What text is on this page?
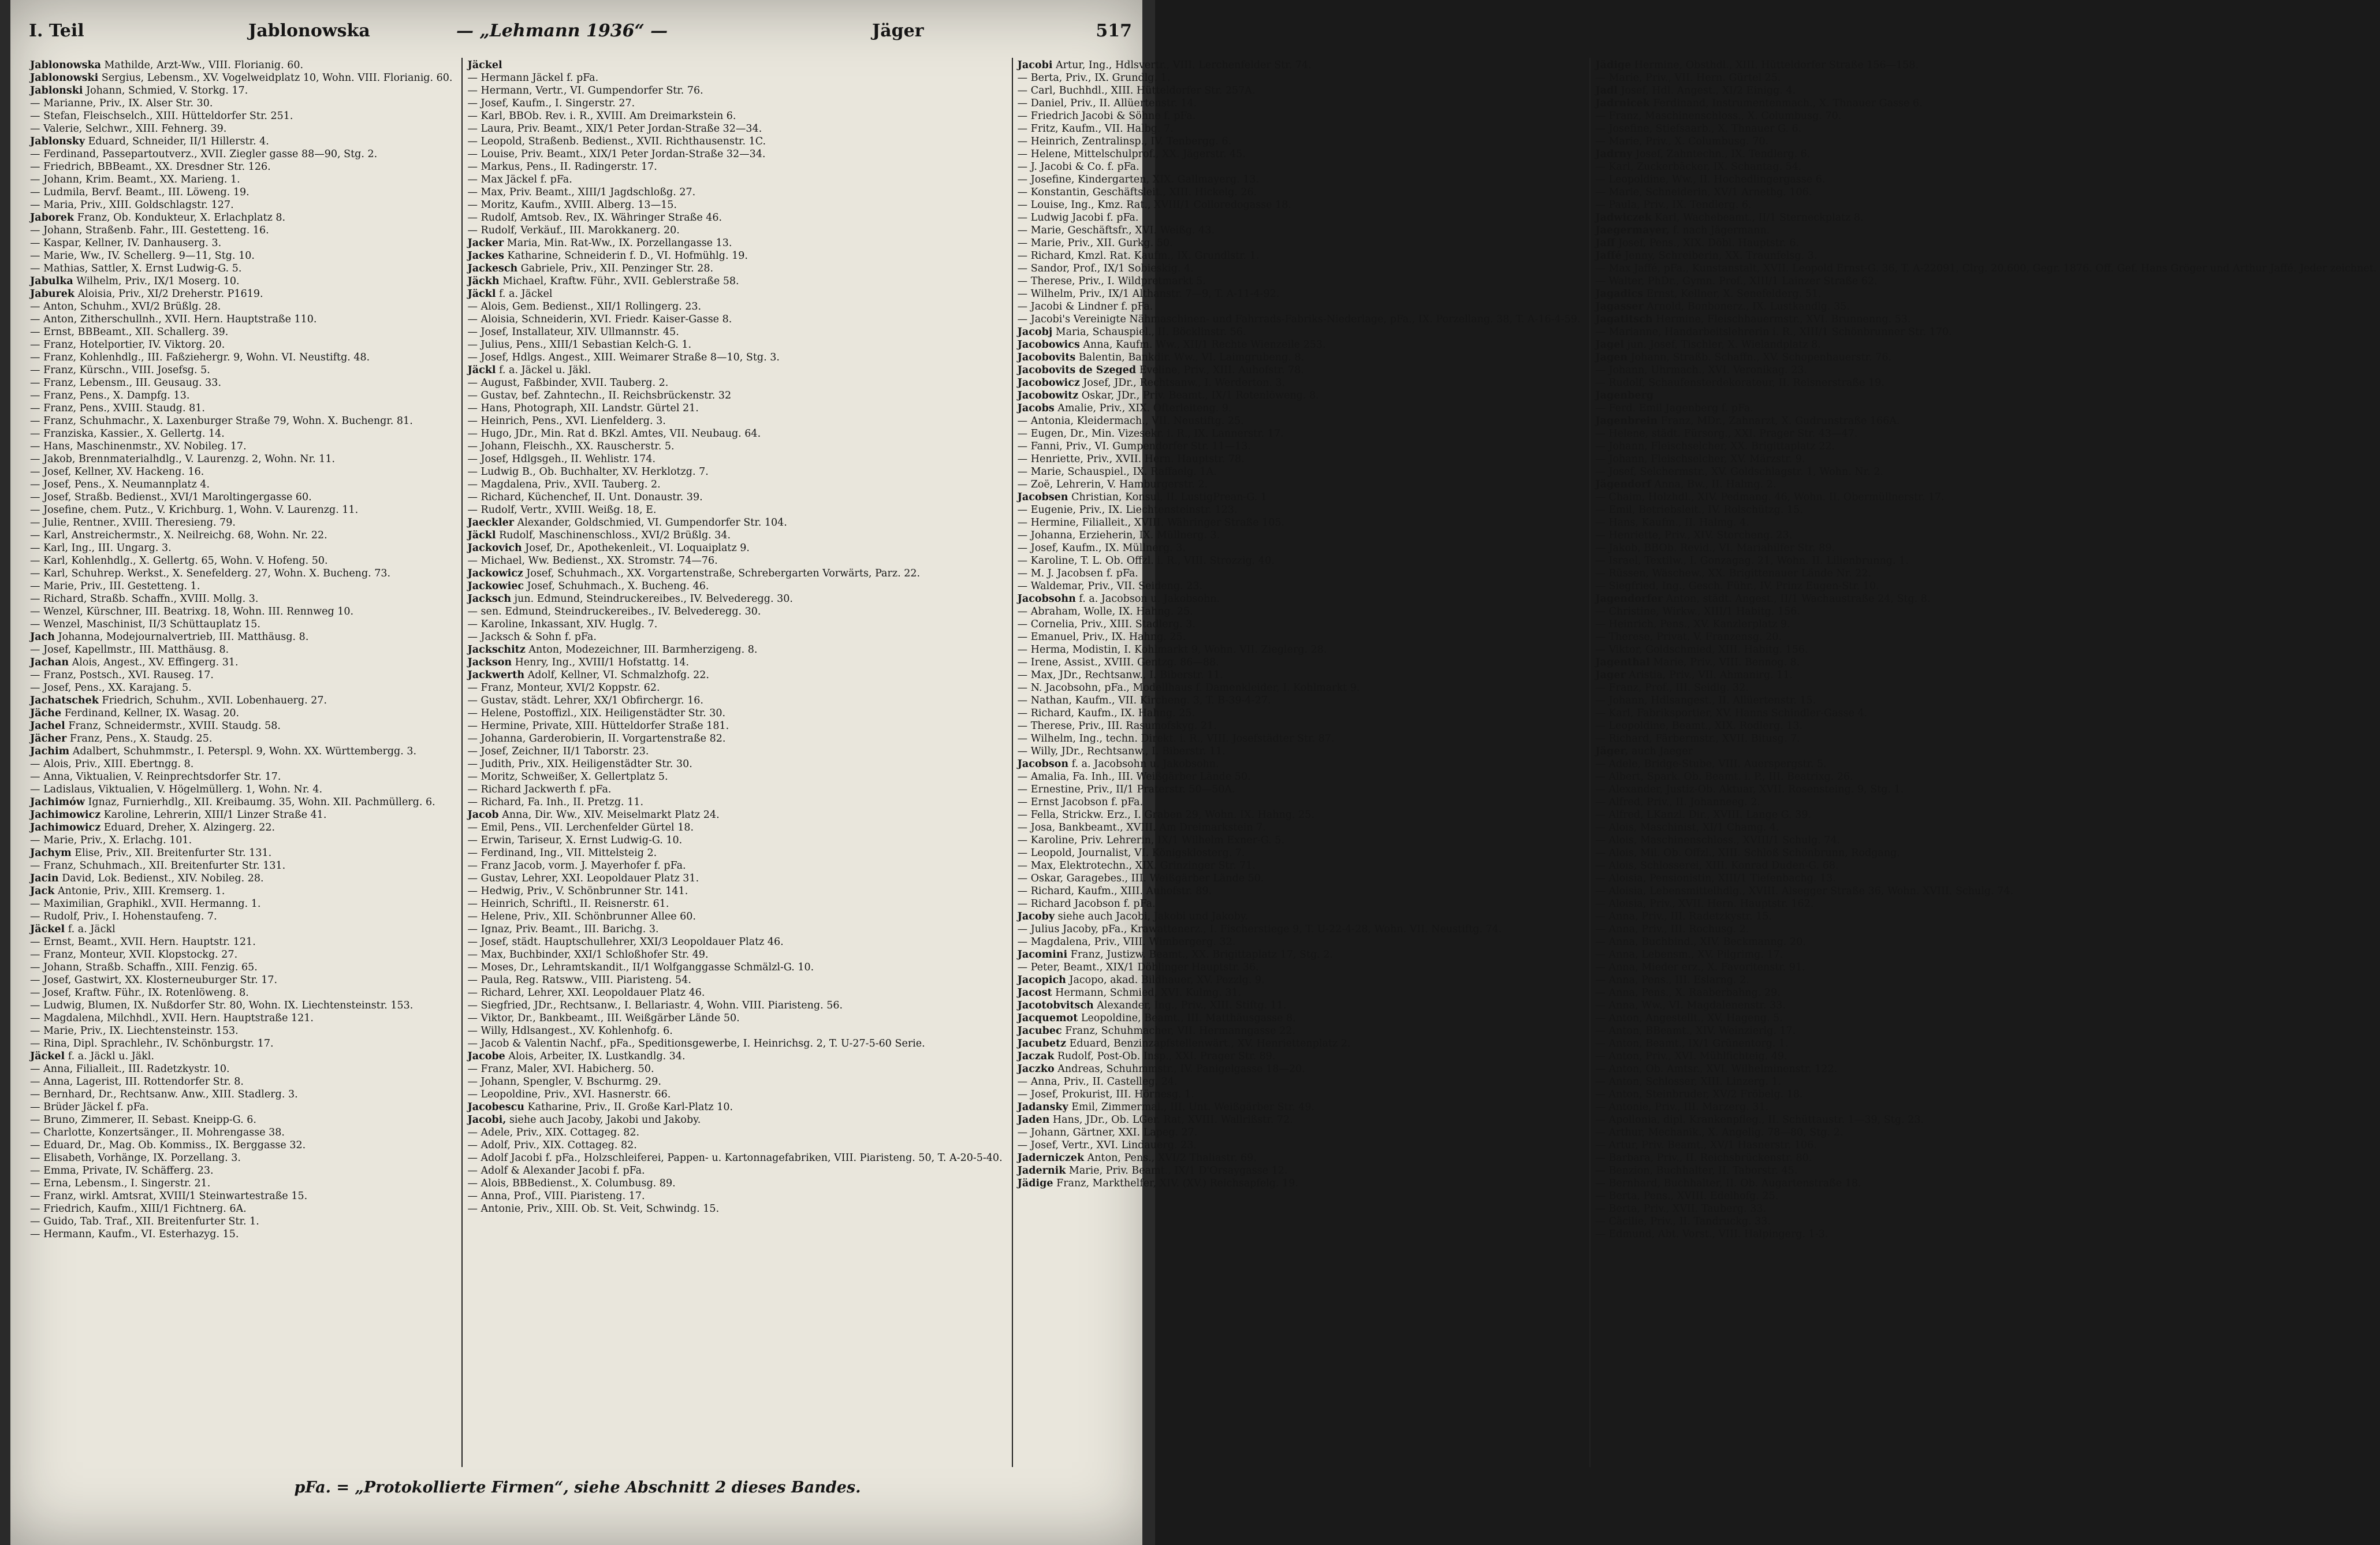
I. Teil	Jablonowska	— „Lehmann 1936“ —	Jäger	517
Jablonowska Mathilde, Arzt-Ww., VIII. Florianig. 60.
Jablonowski Sergius, Lebensm., XV. Vogelweidplatz 10, Wohn. VIII. Florianig. 60.
Jablonski Johann, Schmied, V. Storkg. 17.
— Marianne, Priv., IX. Alser Str. 30.
— Stefan, Fleischselch., XIII. Hütteldorfer Str. 251.
— Valerie, Selchwr., XIII. Fehnerg. 39.
Jablonsky Eduard, Schneider, II/1 Hillerstr. 4.
— Ferdinand, Passepartoutverz., XVII. Ziegler gasse 88—90, Stg. 2.
— Friedrich, BBBeamt., XX. Dresdner Str. 126.
— Johann, Krim. Beamt., XX. Marieng. 1.
— Ludmila, Bervf. Beamt., III. Löweng. 19.
— Maria, Priv., XIII. Goldschlagstr. 127.
Jaborek Franz, Ob. Kondukteur, X. Erlachplatz 8.
— Johann, Straßenb. Fahr., III. Gestetteng. 16.
— Kaspar, Kellner, IV. Danhauserg. 3.
— Marie, Ww., IV. Schellerg. 9—11, Stg. 10.
— Mathias, Sattler, X. Ernst Ludwig-G. 5.
Jabulka Wilhelm, Priv., IX/1 Moserg. 10.
Jaburek Aloisia, Priv., XI/2 Dreherstr. P1619.
— Anton, Schuhm., XVI/2 Brüßlg. 28.
— Anton, Zitherschullnh., XVII. Hern. Hauptstraße 110.
— Ernst, BBBeamt., XII. Schallerg. 39.
— Franz, Hotelportier, IV. Viktorg. 20.
— Franz, Kohlenhdlg., III. Faßziehergr. 9, Wohn. VI. Neustiftg. 48.
— Franz, Kürschn., VIII. Josefsg. 5.
— Franz, Lebensm., III. Geusaug. 33.
— Franz, Pens., X. Dampfg. 13.
— Franz, Pens., XVIII. Staudg. 81.
— Franz, Schuhmachr., X. Laxenburger Straße 79, Wohn. X. Buchengr. 81.
— Franziska, Kassier., X. Gellertg. 14.
— Hans, Maschinenmstr., XV. Nobileg. 17.
— Jakob, Brennmaterialhdlg., V. Laurenzg. 2, Wohn. Nr. 11.
— Josef, Kellner, XV. Hackeng. 16.
— Josef, Pens., X. Neumannplatz 4.
— Josef, Straßb. Bedienst., XVI/1 Maroltingergasse 60.
— Josefine, chem. Putz., V. Krichburg. 1, Wohn. V. Laurenzg. 11.
— Julie, Rentner., XVIII. Theresieng. 79.
— Karl, Anstreichermstr., X. Neilreichg. 68, Wohn. Nr. 22.
— Karl, Ing., III. Ungarg. 3.
— Karl, Kohlenhdlg., X. Gellertg. 65, Wohn. V. Hofeng. 50.
— Karl, Schuhrep. Werkst., X. Senefelderg. 27, Wohn. X. Bucheng. 73.
— Marie, Priv., III. Gestetteng. 1.
— Richard, Straßb. Schaffn., XVIII. Mollg. 3.
— Wenzel, Kürschner, III. Beatrixg. 18, Wohn. III. Rennweg 10.
— Wenzel, Maschinist, II/3 Schüttauplatz 15.
Jach Johanna, Modejournalvertrieb, III. Matthäusg. 8.
— Josef, Kapellmstr., III. Matthäusg. 8.
Jachan Alois, Angest., XV. Effingerg. 31.
— Franz, Postsch., XVI. Rauseg. 17.
— Josef, Pens., XX. Karajang. 5.
Jachatschek Friedrich, Schuhm., XVII. Lobenhauerg. 27.
Jäche Ferdinand, Kellner, IX. Wasag. 20.
Jachel Franz, Schneidermstr., XVIII. Staudg. 58.
Jächer Franz, Pens., X. Staudg. 25.
Jachim Adalbert, Schuhmmstr., I. Peterspl. 9, Wohn. XX. Württembergg. 3.
— Alois, Priv., XIII. Ebertngg. 8.
— Anna, Viktualien, V. Reinprechtsdorfer Str. 17.
— Ladislaus, Viktualien, V. Högelmüllerg. 1, Wohn. Nr. 4.
Jachimów Ignaz, Furnierhdlg., XII. Kreibaumg. 35, Wohn. XII. Pachmüllerg. 6.
Jachimowicz Karoline, Lehrerin, XIII/1 Linzer Straße 41.
Jachimowicz Eduard, Dreher, X. Alzingerg. 22.
— Marie, Priv., X. Erlachg. 101.
Jachym Elise, Priv., XII. Breitenfurter Str. 131.
— Franz, Schuhmach., XII. Breitenfurter Str. 131.
Jacin David, Lok. Bedienst., XIV. Nobileg. 28.
Jack Antonie, Priv., XIII. Kremserg. 1.
— Maximilian, Graphikl., XVII. Hermanng. 1.
— Rudolf, Priv., I. Hohenstaufeng. 7.
Jäckel f. a. Jäckl
— Ernst, Beamt., XVII. Hern. Hauptstr. 121.
— Franz, Monteur, XVII. Klopstockg. 27.
— Johann, Straßb. Schaffn., XIII. Fenzig. 65.
— Josef, Gastwirt, XX. Klosterneuburger Str. 17.
— Josef, Kraftw. Führ., IX. Rotenlöweng. 8.
— Ludwig, Blumen, IX. Nußdorfer Str. 80, Wohn. IX. Liechtensteinstr. 153.
— Magdalena, Milchhdl., XVII. Hern. Hauptstraße 121.
— Marie, Priv., IX. Liechtensteinstr. 153.
— Rina, Dipl. Sprachlehr., IV. Schönburgstr. 17.
Jäckel f. a. Jäckl u. Jäkl.
— Anna, Filialleit., III. Radetzkystr. 10.
— Anna, Lagerist, III. Rottendorfer Str. 8.
— Bernhard, Dr., Rechtsanw. Anw., XIII. Stadlerg. 3.
— Brüder Jäckel f. pFa.
— Bruno, Zimmerer, II. Sebast. Kneipp-G. 6.
— Charlotte, Konzertsänger., II. Mohrengasse 38.
— Eduard, Dr., Mag. Ob. Kommiss., IX. Berggasse 32.
— Elisabeth, Vorhänge, IX. Porzellang. 3.
— Emma, Private, IV. Schäfferg. 23.
— Erna, Lebensm., I. Singerstr. 21.
— Franz, wirkl. Amtsrat, XVIII/1 Steinwartestraße 15.
— Friedrich, Kaufm., XIII/1 Fichtnerg. 6A.
— Guido, Tab. Traf., XII. Breitenfurter Str. 1.
— Hermann, Kaufm., VI. Esterhazyg. 15.
Jäckel
— Hermann Jäckel f. pFa.
— Hermann, Vertr., VI. Gumpendorfer Str. 76.
— Josef, Kaufm., I. Singerstr. 27.
— Karl, BBOb. Rev. i. R., XVIII. Am Dreimarkstein 6.
— Laura, Priv. Beamt., XIX/1 Peter Jordan-Straße 32—34.
— Leopold, Straßenb. Bedienst., XVII. Richthausenstr. 1C.
— Louise, Priv. Beamt., XIX/1 Peter Jordan-Straße 32—34.
— Markus, Pens., II. Radingerstr. 17.
— Max Jäckel f. pFa.
— Max, Priv. Beamt., XIII/1 Jagdschloßg. 27.
— Moritz, Kaufm., XVIII. Alberg. 13—15.
— Rudolf, Amtsob. Rev., IX. Währinger Straße 46.
— Rudolf, Verkäuf., III. Marokkanerg. 20.
Jacker Maria, Min. Rat-Ww., IX. Porzellangasse 13.
Jackes Katharine, Schneiderin f. D., VI. Hofmühlg. 19.
Jackesch Gabriele, Priv., XII. Penzinger Str. 28.
Jäckh Michael, Kraftw. Führ., XVII. Geblerstraße 58.
Jäckl f. a. Jäckel
— Alois, Gem. Bedienst., XII/1 Rollingerg. 23.
— Aloisia, Schneiderin, XVI. Friedr. Kaiser-Gasse 8.
— Josef, Installateur, XIV. Ullmannstr. 45.
— Julius, Pens., XIII/1 Sebastian Kelch-G. 1.
— Josef, Hdlgs. Angest., XIII. Weimarer Straße 8—10, Stg. 3.
Jäckl f. a. Jäckel u. Jäkl.
— August, Faßbinder, XVII. Tauberg. 2.
— Gustav, bef. Zahntechn., II. Reichsbrückenstr. 32
— Hans, Photograph, XII. Landstr. Gürtel 21.
— Heinrich, Pens., XVI. Lienfelderg. 3.
— Hugo, JDr., Min. Rat d. BKzl. Amtes, VII. Neubaug. 64.
— Johann, Fleischh., XX. Rauscherstr. 5.
— Josef, Hdlgsgeh., II. Wehlistr. 174.
— Ludwig B., Ob. Buchhalter, XV. Herklotzg. 7.
— Magdalena, Priv., XVII. Tauberg. 2.
— Richard, Küchenchef, II. Unt. Donaustr. 39.
— Rudolf, Vertr., XVIII. Weißg. 18, E.
Jaeckler Alexander, Goldschmied, VI. Gumpendorfer Str. 104.
Jäckl Rudolf, Maschinenschloss., XVI/2 Brüßlg. 34.
Jackovich Josef, Dr., Apothekenleit., VI. Loquaiplatz 9.
— Michael, Ww. Bedienst., XX. Stromstr. 74—76.
Jackowicz Josef, Schuhmach., XX. Vorgartenstraße, Schrebergarten Vorwärts, Parz. 22.
Jackowiec Josef, Schuhmach., X. Bucheng. 46.
Jacksch jun. Edmund, Steindruckereibes., IV. Belvederegg. 30.
— sen. Edmund, Steindruckereibes., IV. Belvederegg. 30.
— Karoline, Inkassant, XIV. Huglg. 7.
— Jacksch & Sohn f. pFa.
Jackschitz Anton, Modezeichner, III. Barmherzigeng. 8.
Jackson Henry, Ing., XVIII/1 Hofstattg. 14.
Jackwerth Adolf, Kellner, VI. Schmalzhofg. 22.
— Franz, Monteur, XVI/2 Koppstr. 62.
— Gustav, städt. Lehrer, XX/1 Obfirchergr. 16.
— Helene, Postoffizl., XIX. Heiligenstädter Str. 30.
— Hermine, Private, XIII. Hütteldorfer Straße 181.
— Johanna, Garderobierin, II. Vorgartenstraße 82.
— Josef, Zeichner, II/1 Taborstr. 23.
— Judith, Priv., XIX. Heiligenstädter Str. 30.
— Moritz, Schweißer, X. Gellertplatz 5.
— Richard Jackwerth f. pFa.
— Richard, Fa. Inh., II. Pretzg. 11.
Jacob Anna, Dir. Ww., XIV. Meiselmarkt Platz 24.
— Emil, Pens., VII. Lerchenfelder Gürtel 18.
— Erwin, Tariseur, X. Ernst Ludwig-G. 10.
— Ferdinand, Ing., VII. Mittelsteig 2.
— Franz Jacob, vorm. J. Mayerhofer f. pFa.
— Gustav, Lehrer, XXI. Leopoldauer Platz 31.
— Hedwig, Priv., V. Schönbrunner Str. 141.
— Heinrich, Schriftl., II. Reisnerstr. 61.
— Helene, Priv., XII. Schönbrunner Allee 60.
— Ignaz, Priv. Beamt., III. Barichg. 3.
— Josef, städt. Hauptschullehrer, XXI/3 Leopoldauer Platz 46.
— Max, Buchbinder, XXI/1 Schloßhofer Str. 49.
— Moses, Dr., Lehramtskandit., II/1 Wolfganggasse Schmälzl-G. 10.
— Paula, Reg. Ratsww., VIII. Piaristeng. 54.
— Richard, Lehrer, XXI. Leopoldauer Platz 46.
— Siegfried, JDr., Rechtsanw., I. Bellariastr. 4, Wohn. VIII. Piaristeng. 56.
— Viktor, Dr., Bankbeamt., III. Weißgärber Lände 50.
— Willy, Hdlsangest., XV. Kohlenhofg. 6.
— Jacob & Valentin Nachf., pFa., Speditionsgewerbe, I. Heinrichsg. 2, T. U-27-5-60 Serie.
Jacobe Alois, Arbeiter, IX. Lustkandlg. 34.
— Franz, Maler, XVI. Habicherg. 50.
— Johann, Spengler, V. Bschurmg. 29.
— Leopoldine, Priv., XVI. Hasnerstr. 66.
Jacobescu Katharine, Priv., II. Große Karl-Platz 10.
Jacobi, siehe auch Jacoby, Jakobi und Jakoby.
— Adele, Priv., XIX. Cottageg. 82.
— Adolf, Priv., XIX. Cottageg. 82.
— Adolf Jacobi f. pFa., Holzschleiferei, Pappen- u. Kartonnagefabriken, VIII. Piaristeng. 50, T. A-20-5-40.
— Adolf & Alexander Jacobi f. pFa.
— Alois, BBBedienst., X. Columbusg. 89.
— Anna, Prof., VIII. Piaristeng. 17.
— Antonie, Priv., XIII. Ob. St. Veit, Schwindg. 15.
Jacobi Artur, Ing., Hdlsvertr., VIII. Lerchenfelder Str. 74.
— Berta, Priv., IX. Grundlg. 1.
— Carl, Buchhdl., XIII. Hütteldorfer Str. 257A.
— Daniel, Priv., II. Allüertenstr. 14.
— Friedrich Jacobi & Söhne f. pFa.
— Fritz, Kaufm., VII. Halbg. 7.
— Heinrich, Zentralinsp., IV. Tenbergg. 6.
— Helene, Mittelschulprof., XX. Jägerstr. 45.
— J. Jacobi & Co. f. pFa.
— Josefine, Kindergarten, XIX. Gallmayerg. 13.
— Konstantin, Geschäftsleit., XIII. Hickelg. 26.
— Louise, Ing., Kmz. Rat., XVIII/1 Colloredogasse 18.
— Ludwig Jacobi f. pFa.
— Marie, Geschäftsfr., XVI. Weißg. 43.
— Marie, Priv., XII. Gurkg. 50.
— Richard, Kmzl. Rat. Kaufm., IX. Grundlstr. 1.
— Sandor, Prof., IX/1 Sobieskig. 4.
— Therese, Priv., I. Wildpretmarkt 5.
— Wilhelm, Priv., IX/1 Althanstr. 7—9, T. A-11-4-92.
— Jacobi & Lindner f. pFa.
— Jacobi's Vereinigte Nähmaschinen- und Fahrrads-Fabriks-Niederlage, pFa., IX. Porzellang. 38, T. A-16-4-59.
Jacobj Maria, Schauspiel., II. Böcklinstr. 56.
Jacobowics Anna, Kaufm. Ww., XII/1 Rechte Wienzeile 253.
Jacobovits Balentin, Bankdir. Ww., VI. Laimgrubeng. 8.
Jacobovits de Szeged Eveline, Priv., XIII. Auhofstr. 78.
Jacobowicz Josef, JDr., Rechtsanw., I. Werderton. 3.
Jacobowitz Oskar, JDr., Priv. Beamt., IX/1 Rotenlöweng. 8.
Jacobs Amalie, Priv., XIX. Ofterleiteng. 9.
— Antonia, Kleidermach., VII. Neustiftg. 25.
— Eugen, Dr., Min. Vizesekr. i. R., IX. Lannerstr. 17.
— Fanni, Priv., VI. Gumpendorfer Str. 11—13.
— Henriette, Priv., XVII. Hern. Hauptstr. 78.
— Marie, Schauspiel., IX. Raffaelg. 1A.
— Zoë, Lehrerin, V. Hamburgerstr. 2.
Jacobsen Christian, Konsul, II. LustigPrean-G. 1
— Eugenie, Priv., IX. Liechtensteinstr. 123.
— Hermine, Filialleit., XVIII. Währinger Straße 105.
— Johanna, Erzieherin, IX. Müllnerg. 3.
— Josef, Kaufm., IX. Müllnerg. 3.
— Karoline, T. L. Ob. Offzl. i. R., VIII. Strozzig. 40.
— M. J. Jacobsen f. pFa.
— Waldemar, Priv., VII. Seideng. 23.
Jacobsohn f. a. Jacobson u. Jakobsohn.
— Abraham, Wolle, IX. Hahng. 25.
— Cornelia, Priv., XIII. Stadlerg. 3.
— Emanuel, Priv., IX. Hahng. 25.
— Herma, Modistin, I. Kohlmarkt 9, Wohn. VII. Zieglerg. 28.
— Irene, Assist., XVIII. Gentzg. 86—88.
— Max, JDr., Rechtsanw., I. Biberstr. 11.
— N. Jacobsohn, pFa., Modellhaus f. Damenkleider, I. Kohlmarkt 9.
— Nathan, Kaufm., VII. Kircheng. 3, T. B-39-4-27.
— Richard, Kaufm., IX. Hahng. 25.
— Therese, Priv., III. Rasumofskyg. 21.
— Wilhelm, Ing., techn. Direkt. i. R., VIII. Josefstädter Str. 87.
— Willy, JDr., Rechtsanw., I. Biberstr. 11.
Jacobson f. a. Jacobsohn u. Jakobsohn.
— Amalia, Fa. Inh., III. Weißgärber Lände 50.
— Ernestine, Priv., II/1 Praterstr. 50—50A.
— Ernst Jacobson f. pFa.
— Fella, Strickw. Erz., I. Graben 29, Wohn. IX. Hahng. 25.
— Josa, Bankbeamt., XVIII. Am Dreimarkstein 7.
— Karoline, Priv. Lehrerin, IX/1 Wilhelm Exner-G. 5.
— Leopold, Journalist, VI. Königsklosterg. 7.
— Max, Elektrotechn., XIX. Grinzinger Str. 71.
— Oskar, Garagebes., III. Weißgärber Lände 50.
— Richard, Kaufm., XIII. Auhofstr. 89.
— Richard Jacobson f. pFa.
Jacoby siehe auch Jacobi, Jakobi und Jakoby.
— Julius Jacoby, pFa., Krawattenerz., I. Fischerstiege 9, T. U-22-4-28, Wohn. VII. Neustiftg. 74.
— Magdalena, Priv., VIII. Wimbergerg. 32.
Jacomini Franz, Justizw. Beamt., XX. Brigittaplatz 17, Stg. 2.
— Peter, Beamt., XIX/1 Döblinger Hauptstr. 36.
Jacopich Jacopo, akad. Bildhauer, XV. Pezzlg. 9.
Jacost Hermann, Schmied, XVI. Kulmg. 31.
Jacotobvitsch Alexander, Ing., Priv., XIII. Stiftg. 11.
Jacquemot Leopoldine, Beamt., III. Matthäusgasse 8.
Jacubec Franz, Schuhmacher, VII. Hermanngasse 22.
Jacubetz Eduard, Benzinzapfstellenwärt., XV. Henriettenplatz 2.
Jaczak Rudolf, Post-Ob. Insp., XXI. Prager Str. 89.
Jaczko Andreas, Schuhmmstr., IV. Panigelgasse 18—20.
— Anna, Priv., II. Castelleg. 24.
— Josef, Prokurist, III. Hörnesg. 1.
Jadansky Emil, Zimmermal., III. Unt. Weißgärber Str. 49.
Jaden Hans, JDr., Ob. LGer. Rat, XVIII. Wallrißstr. 72.
— Johann, Gärtner, XXI. Lapeg. 27.
— Josef, Vertr., XVI. Lindauerg. 23.
Jaderniczek Anton, Pens., XVI/2 Thaliastr. 69.
Jadernik Marie, Priv. Beamt., IX/1 D'Orsaygasse 12.
Jädige Franz, Markthelfer, XIV. (XV.) Reichsapfelg. 19.
Jädige Hermine, Obsthdl., XIII. Hütteldorfer Straße 156—158.
— Marie, Priv., VII. Hern. Gürtel 25.
Jadl Josef, Hdl. Angest., XI/2 Einigg. 4.
Jadrnicek Ferdinand, Instrumentenmach., X. Thnauer Gasse 6.
— Franz, Maschinenschloss., X. Columbusg. 70.
— Josefine, Stiefsaarb., X. Thnauer G. 6.
— Marie, Priv., X. Columbusg. 70.
Jadrny Josef, Zahntechn., IX. Tendlerg. 6.
— Karl, Zuckerbäcker, IX. Schantag. 54.
— Leopoldine, Ww., II. Hochedlingergasse 6.
— Marie, Schneiderin, XV/1 Arnethg. 106.
— Paula, Priv., IX. Tendlerg. 6.
Jadwiczek Karl, Wachebeamt., II/1 Sterneckplatz 8.
Jaegermayer, f. nach Jägermann.
Jaff Josef, Pens., XIX. Döbl. Hauptstr. 6.
Jaffé Jenny, Schreiberin, XX. Traunfelsg. 3.
— Max Jaffé, pFa., Kunstanstalt, XVII. Leopold Ernst-G. 36, T. A-22091, Clrg. 20.600, Gegr. 1876. Off. Gef. Hans Gröger und Arthur Jaffé. Jeder zeichnet.
— Walter, PhDr., Gymn. Prof., XIII/1 Lainzer Straße 62.
Jagadics Ernst, Kellner, X. Senefelderg. 51.
Jagasser Arnold, Bonbonerz., IX. Lustkandlg. 35.
Jagatitsch Hermine, Fleischhauermstr., XVI. Brunnenng. 53.
— Marianne, Handarbeitslehrerin i. R., XIII/1 Schönbrunner Str. 170.
Jagel jun. Josef, Tischler, X. Wielandplatz 8.
Jagen Johann, Straßb. Schaffn., XV. Schopenhauerstr. 76.
— Johann, Uhrmach., XVI. Veronikag. 23.
— Rudolf, Schaufensterdekorateur, II. Reisnerstraße 19.
Jagenberg
— Ferd. Emil Jagenberg f. pFa.
Jagenbrein Franz, MDr., Zahnarzt, X. Gudrunstraße 166A.
— Helene, städt. Fürsorg., XXI. Prager Str. 43—47.
— Johann, Fleischselcher, XX. Brigittaplatz 22.
— Johann, Fleischselcher, XV. Märzstr. 9.
— Josef, Selchermstr., XV. Goldschlagstr. 1, Wohn. Nr. 2.
Jägendorf Anna, Bw., II. Halmg. 2.
— Chaim, Holzhdl., XIV. Pedmang. 46, Wohn. II. Obermüllnerstr. 17.
— Emil, Betriebsleit., IV. Rolschützg. 15.
— Hans, Kaufm., II. Halmg. 4.
— Henriette, Priv., XIV. Storcheng. 23.
— Jakob, BBOb. Revid., VI. Mariahilfer Str. 89.
— Israel, Textilw., I. Gonzagag. 21, Wohn. II. Lilienbrunng. 1.
— Rüssen, Wäschew., XX. Brigittenauer Lände Nr. 22.
— Siegfried, Ing., Gesch. Führ., IV. Prinz Eugen-Str. 10.
Jagendorfer Anton, städt. Angest., II/1 Wachaustraße 24, Stg. 8.
— Christine, Wirkw., XIII/1 Habitg. 156.
— Heinrich, Pens., XV. Kanzlerplatz 9.
— Therese, Privat, V. Franzensg. 20.
— Viktor, Goldschmied, XIII. Habitg. 156.
Jagenthal Marie, Priv., VIII. Bennog. 8.
Jager Aristia, Priv., VII. Ahmanirg. 11.
— Franz, Prof., III. Seidlg. 32.
— Johann, Hdlsangest., II. Allüertenstr. 15.
— Karl, Fabriksportier, XV. Hanns Schindler-Gasse 4.
— Leopoldine, Beamt., XIX. Rodlerg. 13.
— Richard, Färbermstr., XVII. Bitusg. 7.
Jäger, auch Jaeger
— Adele, Bridge-Stube, VIII. Auerspergstr. 5.
— Albert, Spark. Ob. Beamt. i. P., III. Beatrixg. 26.
— Alexander, Justiz-Ob. Aktuar, XVII. Rosensteing. 9, Stg. 1.
— Alfred, Priv., II. Johanneeg. 2.
— Alfred, LKanzl. Dir., XVIII. Lange G. 39.
— Alois, Maschinist, XI/1 Chamg. 4.
— Alois, Maschinenschloss., XVIII/1 Schulg. 74.
— Alois, Mil. Ob. Offzl., XIII. Schloß Schönbrunn, Rodgang.
— Alois, Schlosserei, XIII. Konrad Duden-G. 68.
— Aloisia, Pensionistin, XIII/1 Tiefenbachg. 13.
— Aloisia, Lebensmittelhdlg., XVIII. Alsegger Straße 36, Wohn. XVIII. Schulg. 74.
— Aloisia, Priv., XVII. Hern. Hauptstr. 162.
— Anna, Priv., III. Radetzkystr. 15.
— Anna, Priv., III. Rochusg. 2.
— Anna, Buchbind., XIV. Beckmanng. 20.
— Anna, Lebensm., XV. Pilgrimg. 17.
— Anna, Mieder erz., X. Favoritenstr. 91.
— Anna, Pens., III. Eslarng. 2.
— Anna, Pens., X. Raaberbahng. 29.
— Anna, Ww., VI. Magdalenenstr. 33.
— Anton, Angestellt., XV. Hageng. 5.
— Anton, BBeamt., XIV. Weinzierlg. 17.
— Anton, Beamt., IX/1 Grünentorg. 1.
— Anton, Priv., XVI. Mühlfichteig. 49.
— Anton, Ob. Amtsr., XVI. Wilhelminenstr. 122.
— Anton, Schlosser, XIII. Linzerg. 1.
— Anton, Steinbruder, XV/2 Fröbelg. 18.
— Antonie, Priv., III. Marzerg. 31.
— Apollonia, dipl. Krankenpfleg., II. Schüttaustr. 1—39, Stg. 23.
— Arthur, Mechanik., X. Angelig. 78—80, Stg. 2.
— Artur, Priv. Beamt., XV/1 Hasnerstr. 106.
— Barbara, Priv., II. Reichsbrückenstr. 80.
— Benzion, Buchhalter, II. Taborstr. 45.
— Bernhard, Buchhalter, II. Ob. Augartenstraße 18.
— Berta, Pens., XVIII. Edelhofg. 25.
— Berta, Priv., XVII. Tauberg. 33.
— Cäcilie, Priv., II. Tandruckg. 33.
— Edmund, Abt. Vorst., VIII. Halpingerg. 1-3.
pFa. = „Protokollierte Firmen“, siehe Abschnitt 2 dieses Bandes.
